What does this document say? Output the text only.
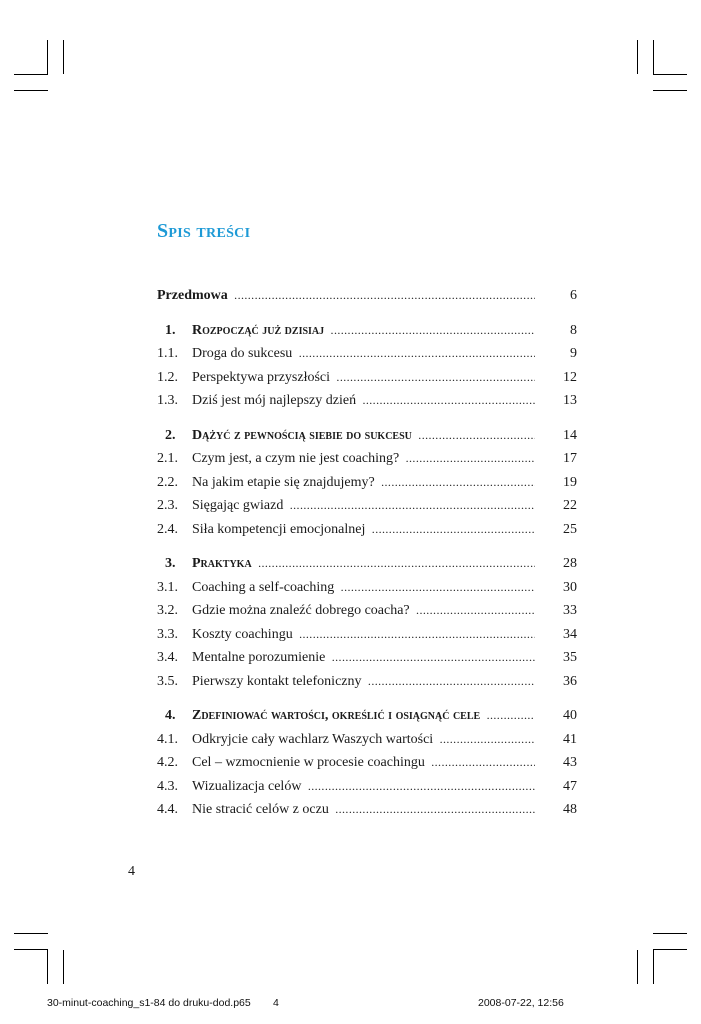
Spis treści
Przedmowa .....	6
1. Rozpocząć już dzisiaj .....	8
1.1. Droga do sukcesu .....	9
1.2. Perspektywa przyszłości .....	12
1.3. Dziś jest mój najlepszy dzień .....	13
2. Dążyć z pewnością siebie do sukcesu .....	14
2.1. Czym jest, a czym nie jest coaching? .....	17
2.2. Na jakim etapie się znajdujemy? .....	19
2.3. Sięgając gwiazd .....	22
2.4. Siła kompetencji emocjonalnej .....	25
3. Praktyka .....	28
3.1. Coaching a self-coaching .....	30
3.2. Gdzie można znaleźć dobrego coacha? .....	33
3.3. Koszty coachingu .....	34
3.4. Mentalne porozumienie .....	35
3.5. Pierwszy kontakt telefoniczny .....	36
4. Zdefiniować wartości, określić i osiągnąć cele .....	40
4.1. Odkryjcie cały wachlarz Waszych wartości .....	41
4.2. Cel – wzmocnienie w procesie coachingu .....	43
4.3. Wizualizacja celów .....	47
4.4. Nie stracić celów z oczu .....	48
4
30-minut-coaching_s1-84 do druku-dod.p65 4	2008-07-22, 12:56
